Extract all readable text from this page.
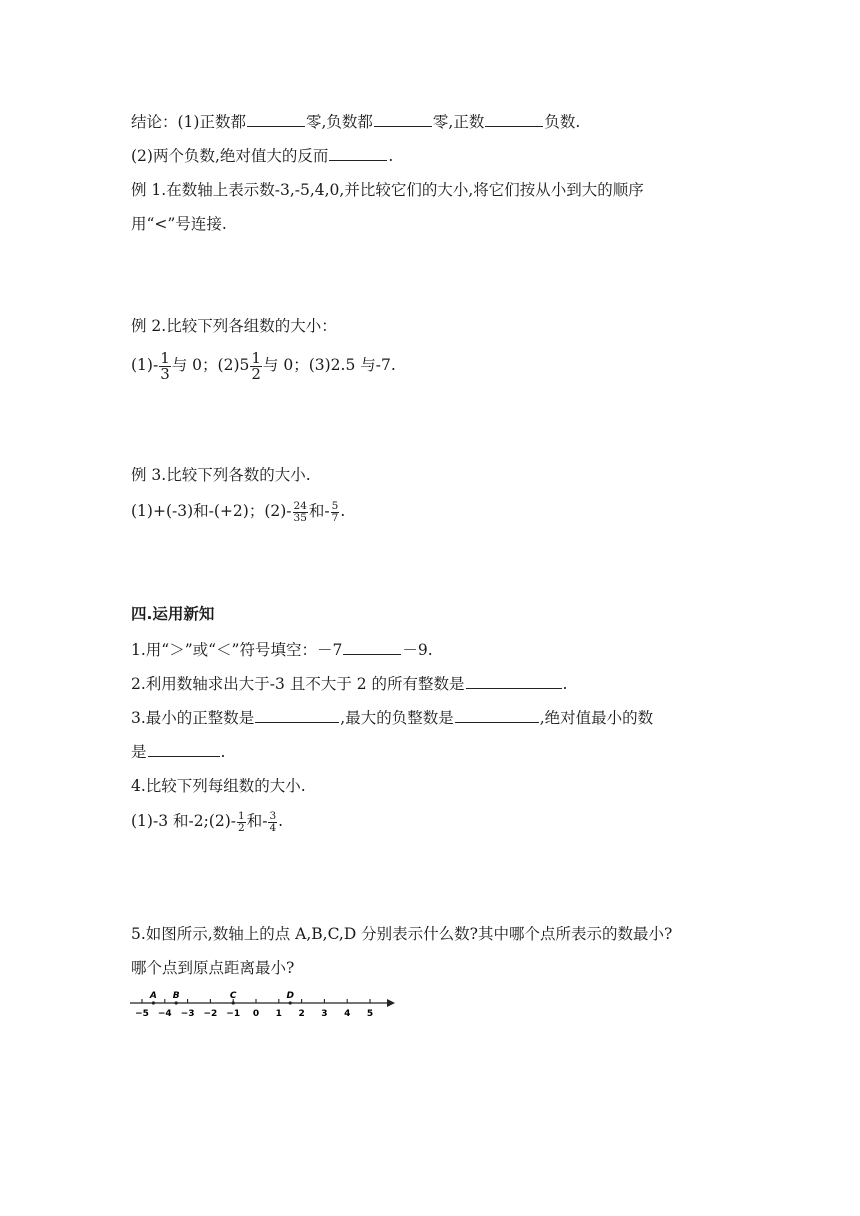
结论：(1)正数都	零,负数都	零,正数	负数.
(2)两个负数,绝对值大的反而	.
例 1.在数轴上表示数-3,-5,4,0,并比较它们的大小,将它们按从小到大的顺序
用“<”号连接.
例 2.比较下列各组数的大小：
$(1)- \frac{1}{3}$ 与 0；$(2)5 \frac{1}{2}$ 与 0；(3)2.5 与-7.
例 3.比较下列各数的大小.
(1)+(-3)和-(+2)；$(2)- \frac{24}{35}$ 和- $\frac{5}{7}$ .
四.运用新知
1.用“＞”或“＜”符号填空：－7	－9.
2.利用数轴求出大于-3 且不大于 2 的所有整数是	.
3.最小的正整数是	,最大的负整数是	,绝对值最小的数
是	.
4.比较下列每组数的大小.
(1)-3 和-2;(2)- $\frac{1}{2}$ 和- $\frac{3}{4}$ .
5.如图所示,数轴上的点 A,B,C,D 分别表示什么数?其中哪个点所表示的数最小?
哪个点到原点距离最小?
−5 −4 −3 −2 −1 0 1 2 3 4 5
A B	C	D
